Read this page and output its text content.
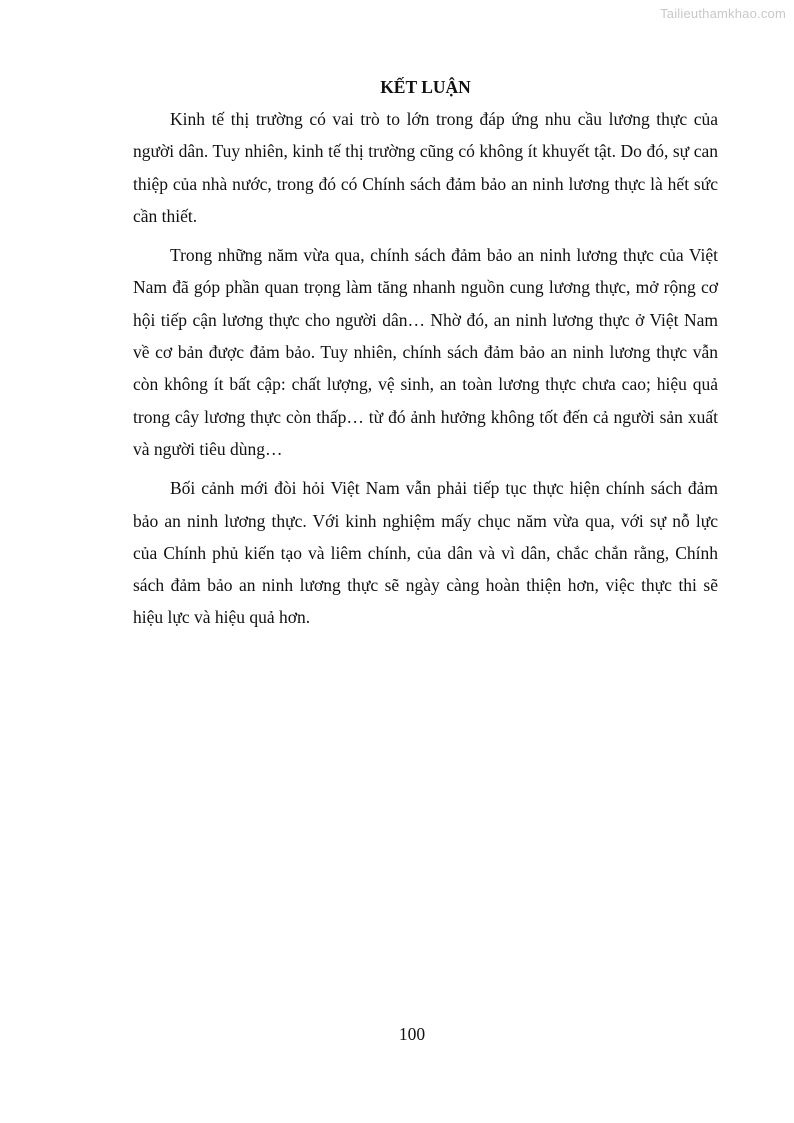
Tailieuthamkhao.com
KẾT LUẬN

Kinh tế thị trường có vai trò to lớn trong đáp ứng nhu cầu lương thực của người dân. Tuy nhiên, kinh tế thị trường cũng có không ít khuyết tật. Do đó, sự can thiệp của nhà nước, trong đó có Chính sách đảm bảo an ninh lương thực là hết sức cần thiết.

Trong những năm vừa qua, chính sách đảm bảo an ninh lương thực của Việt Nam đã góp phần quan trọng làm tăng nhanh nguồn cung lương thực, mở rộng cơ hội tiếp cận lương thực cho người dân… Nhờ đó, an ninh lương thực ở Việt Nam về cơ bản được đảm bảo. Tuy nhiên, chính sách đảm bảo an ninh lương thực vẫn còn không ít bất cập: chất lượng, vệ sinh, an toàn lương thực chưa cao; hiệu quả trong cây lương thực còn thấp… từ đó ảnh hưởng không tốt đến cả người sản xuất và người tiêu dùng…

Bối cảnh mới đòi hỏi Việt Nam vẫn phải tiếp tục thực hiện chính sách đảm bảo an ninh lương thực. Với kinh nghiệm mấy chục năm vừa qua, với sự nỗ lực của Chính phủ kiến tạo và liêm chính, của dân và vì dân, chắc chắn rằng, Chính sách đảm bảo an ninh lương thực sẽ ngày càng hoàn thiện hơn, việc thực thi sẽ hiệu lực và hiệu quả hơn.

100
